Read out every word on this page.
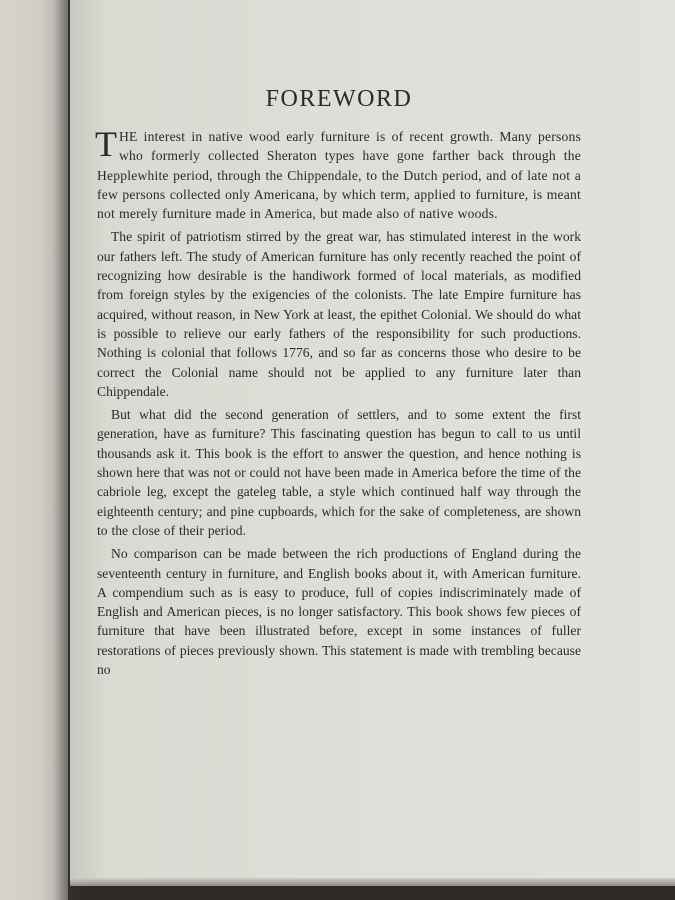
FOREWORD

THE interest in native wood early furniture is of recent growth. Many persons who formerly collected Sheraton types have gone farther back through the Hepplewhite period, through the Chippendale, to the Dutch period, and of late not a few persons collected only Americana, by which term, applied to furniture, is meant not merely furniture made in America, but made also of native woods.

The spirit of patriotism stirred by the great war, has stimulated interest in the work our fathers left. The study of American furniture has only recently reached the point of recognizing how desirable is the handiwork formed of local materials, as modified from foreign styles by the exigencies of the colonists. The late Empire furniture has acquired, without reason, in New York at least, the epithet Colonial. We should do what is possible to relieve our early fathers of the responsibility for such productions. Nothing is colonial that follows 1776, and so far as concerns those who desire to be correct the Colonial name should not be applied to any furniture later than Chippendale.

But what did the second generation of settlers, and to some extent the first generation, have as furniture? This fascinating question has begun to call to us until thousands ask it. This book is the effort to answer the question, and hence nothing is shown here that was not or could not have been made in America before the time of the cabriole leg, except the gateleg table, a style which continued half way through the eighteenth century; and pine cupboards, which for the sake of completeness, are shown to the close of their period.

No comparison can be made between the rich productions of England during the seventeenth century in furniture, and English books about it, with American furniture. A compendium such as is easy to produce, full of copies indiscriminately made of English and American pieces, is no longer satisfactory. This book shows few pieces of furniture that have been illustrated before, except in some instances of fuller restorations of pieces previously shown. This statement is made with trembling because no
